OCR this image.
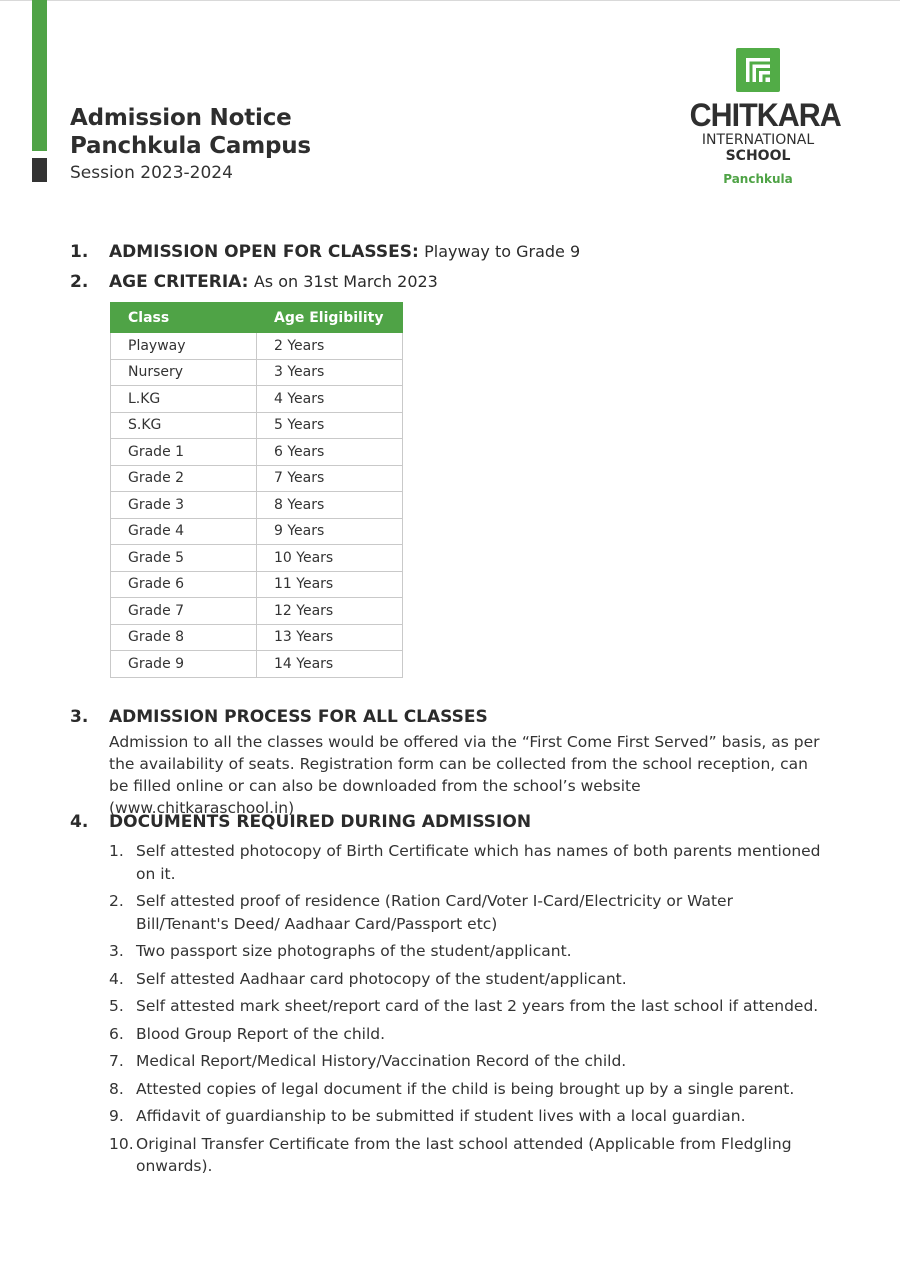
Admission Notice
Panchkula Campus
Session 2023-2024
CHITKARA
INTERNATIONAL
SCHOOL
Panchkula
1. ADMISSION OPEN FOR CLASSES: Playway to Grade 9
2. AGE CRITERIA: As on 31st March 2023
Class	Age Eligibility
Playway	2 Years
Nursery	3 Years
L.KG	4 Years
S.KG	5 Years
Grade 1	6 Years
Grade 2	7 Years
Grade 3	8 Years
Grade 4	9 Years
Grade 5	10 Years
Grade 6	11 Years
Grade 7	12 Years
Grade 8	13 Years
Grade 9	14 Years
3. ADMISSION PROCESS FOR ALL CLASSES
Admission to all the classes would be offered via the “First Come First Served” basis, as per the availability of seats. Registration form can be collected from the school reception, can be filled online or can also be downloaded from the school’s website (www.chitkaraschool.in)
4. DOCUMENTS REQUIRED DURING ADMISSION
1. Self attested photocopy of Birth Certificate which has names of both parents mentioned on it.
2. Self attested proof of residence (Ration Card/Voter I-Card/Electricity or Water Bill/Tenant's Deed/ Aadhaar Card/Passport etc)
3. Two passport size photographs of the student/applicant.
4. Self attested Aadhaar card photocopy of the student/applicant.
5. Self attested mark sheet/report card of the last 2 years from the last school if attended.
6. Blood Group Report of the child.
7. Medical Report/Medical History/Vaccination Record of the child.
8. Attested copies of legal document if the child is being brought up by a single parent.
9. Affidavit of guardianship to be submitted if student lives with a local guardian.
10. Original Transfer Certificate from the last school attended (Applicable from Fledgling onwards).
